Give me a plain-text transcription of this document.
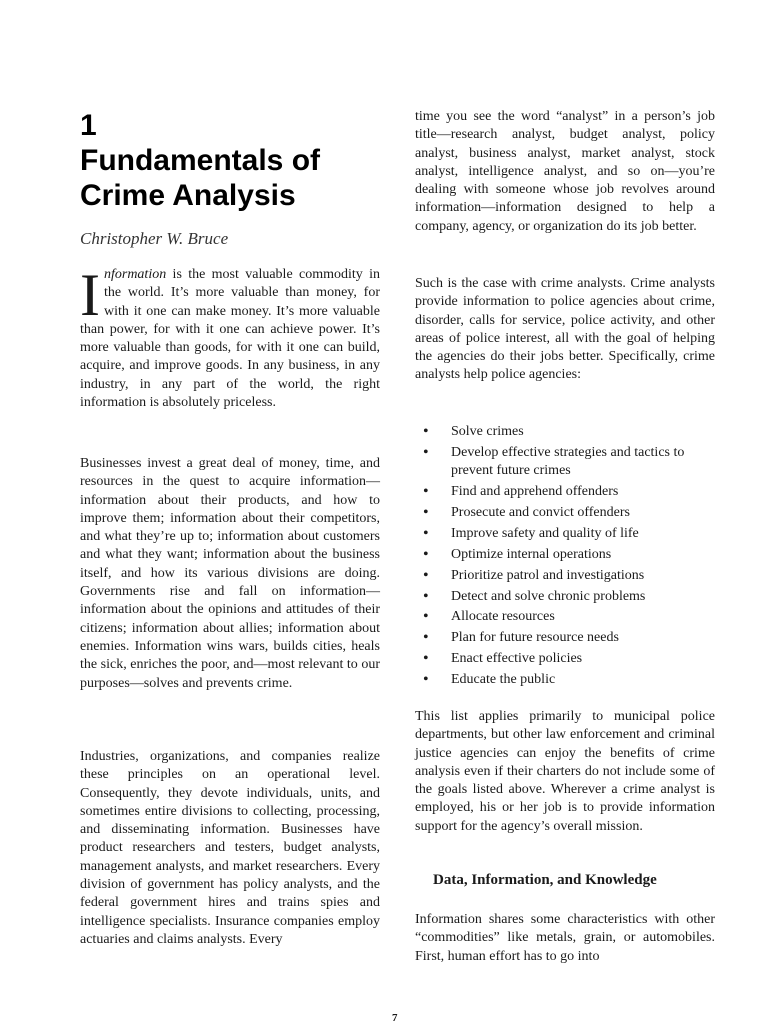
1
Fundamentals of Crime Analysis
Christopher W. Bruce

Information is the most valuable commodity in the world. It’s more valuable than money, for with it one can make money. It’s more valuable than power, for with it one can achieve power. It’s more valuable than goods, for with it one can build, acquire, and improve goods. In any business, in any industry, in any part of the world, the right information is absolutely priceless.

Businesses invest a great deal of money, time, and resources in the quest to acquire information—information about their products, and how to improve them; information about their competitors, and what they’re up to; information about customers and what they want; information about the business itself, and how its various divisions are doing. Governments rise and fall on information—information about the opinions and attitudes of their citizens; information about allies; information about enemies. Information wins wars, builds cities, heals the sick, enriches the poor, and—most relevant to our purposes—solves and prevents crime.

Industries, organizations, and companies realize these principles on an operational level. Consequently, they devote individuals, units, and sometimes entire divisions to collecting, processing, and disseminating information. Businesses have product researchers and testers, budget analysts, management analysts, and market researchers. Every division of government has policy analysts, and the federal government hires and trains spies and intelligence specialists. Insurance companies employ actuaries and claims analysts. Every

time you see the word “analyst” in a person’s job title—research analyst, budget analyst, policy analyst, business analyst, market analyst, stock analyst, intelligence analyst, and so on—you’re dealing with someone whose job revolves around information—information designed to help a company, agency, or organization do its job better.

Such is the case with crime analysts. Crime analysts provide information to police agencies about crime, disorder, calls for service, police activity, and other areas of police interest, all with the goal of helping the agencies do their jobs better. Specifically, crime analysts help police agencies:

• Solve crimes
• Develop effective strategies and tactics to prevent future crimes
• Find and apprehend offenders
• Prosecute and convict offenders
• Improve safety and quality of life
• Optimize internal operations
• Prioritize patrol and investigations
• Detect and solve chronic problems
• Allocate resources
• Plan for future resource needs
• Enact effective policies
• Educate the public

This list applies primarily to municipal police departments, but other law enforcement and criminal justice agencies can enjoy the benefits of crime analysis even if their charters do not include some of the goals listed above. Wherever a crime analyst is employed, his or her job is to provide information support for the agency’s overall mission.

Data, Information, and Knowledge

Information shares some characteristics with other “commodities” like metals, grain, or automobiles. First, human effort has to go into

7
